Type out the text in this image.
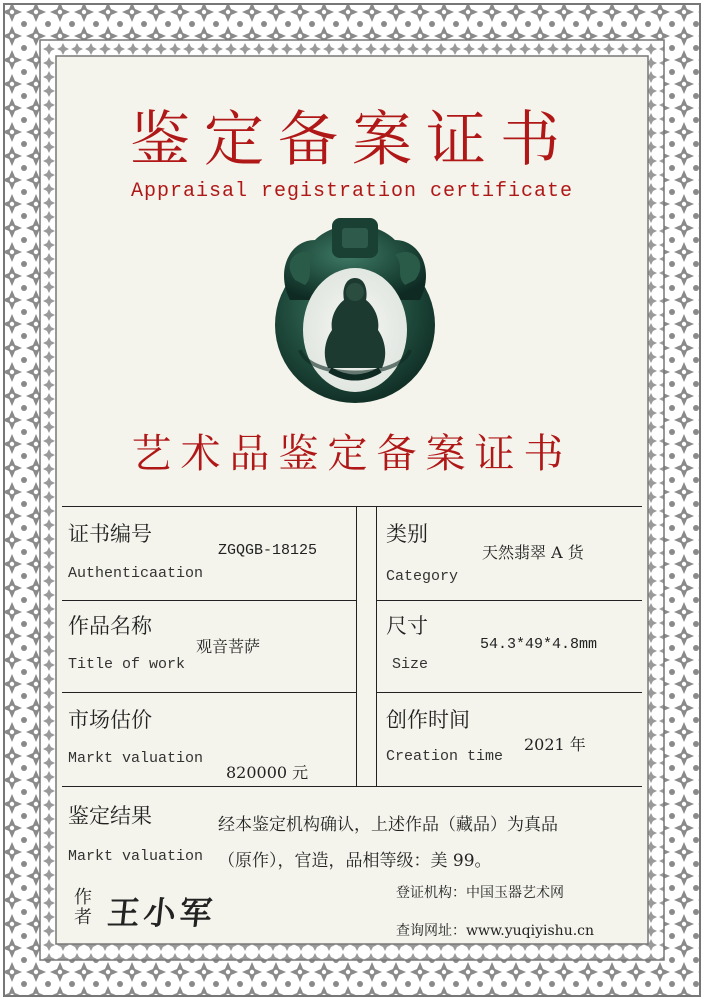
鉴定备案证书
Appraisal registration certificate
艺术品鉴定备案证书
证书编号
ZGQGB-18125
Authenticaation
类别
天然翡翠 A 货
Category
作品名称
观音菩萨
Title of work
尺寸
54.3*49*4.8mm
Size
市场估价
Markt valuation
820000 元
创作时间
2021 年
Creation time
鉴定结果	经本鉴定机构确认，上述作品（藏品）为真品
Markt valuation （原作），官造，品相等级：美 99。
作
者 王小军
登证机构：中国玉器艺术网
查询网址：www.yuqiyishu.cn
